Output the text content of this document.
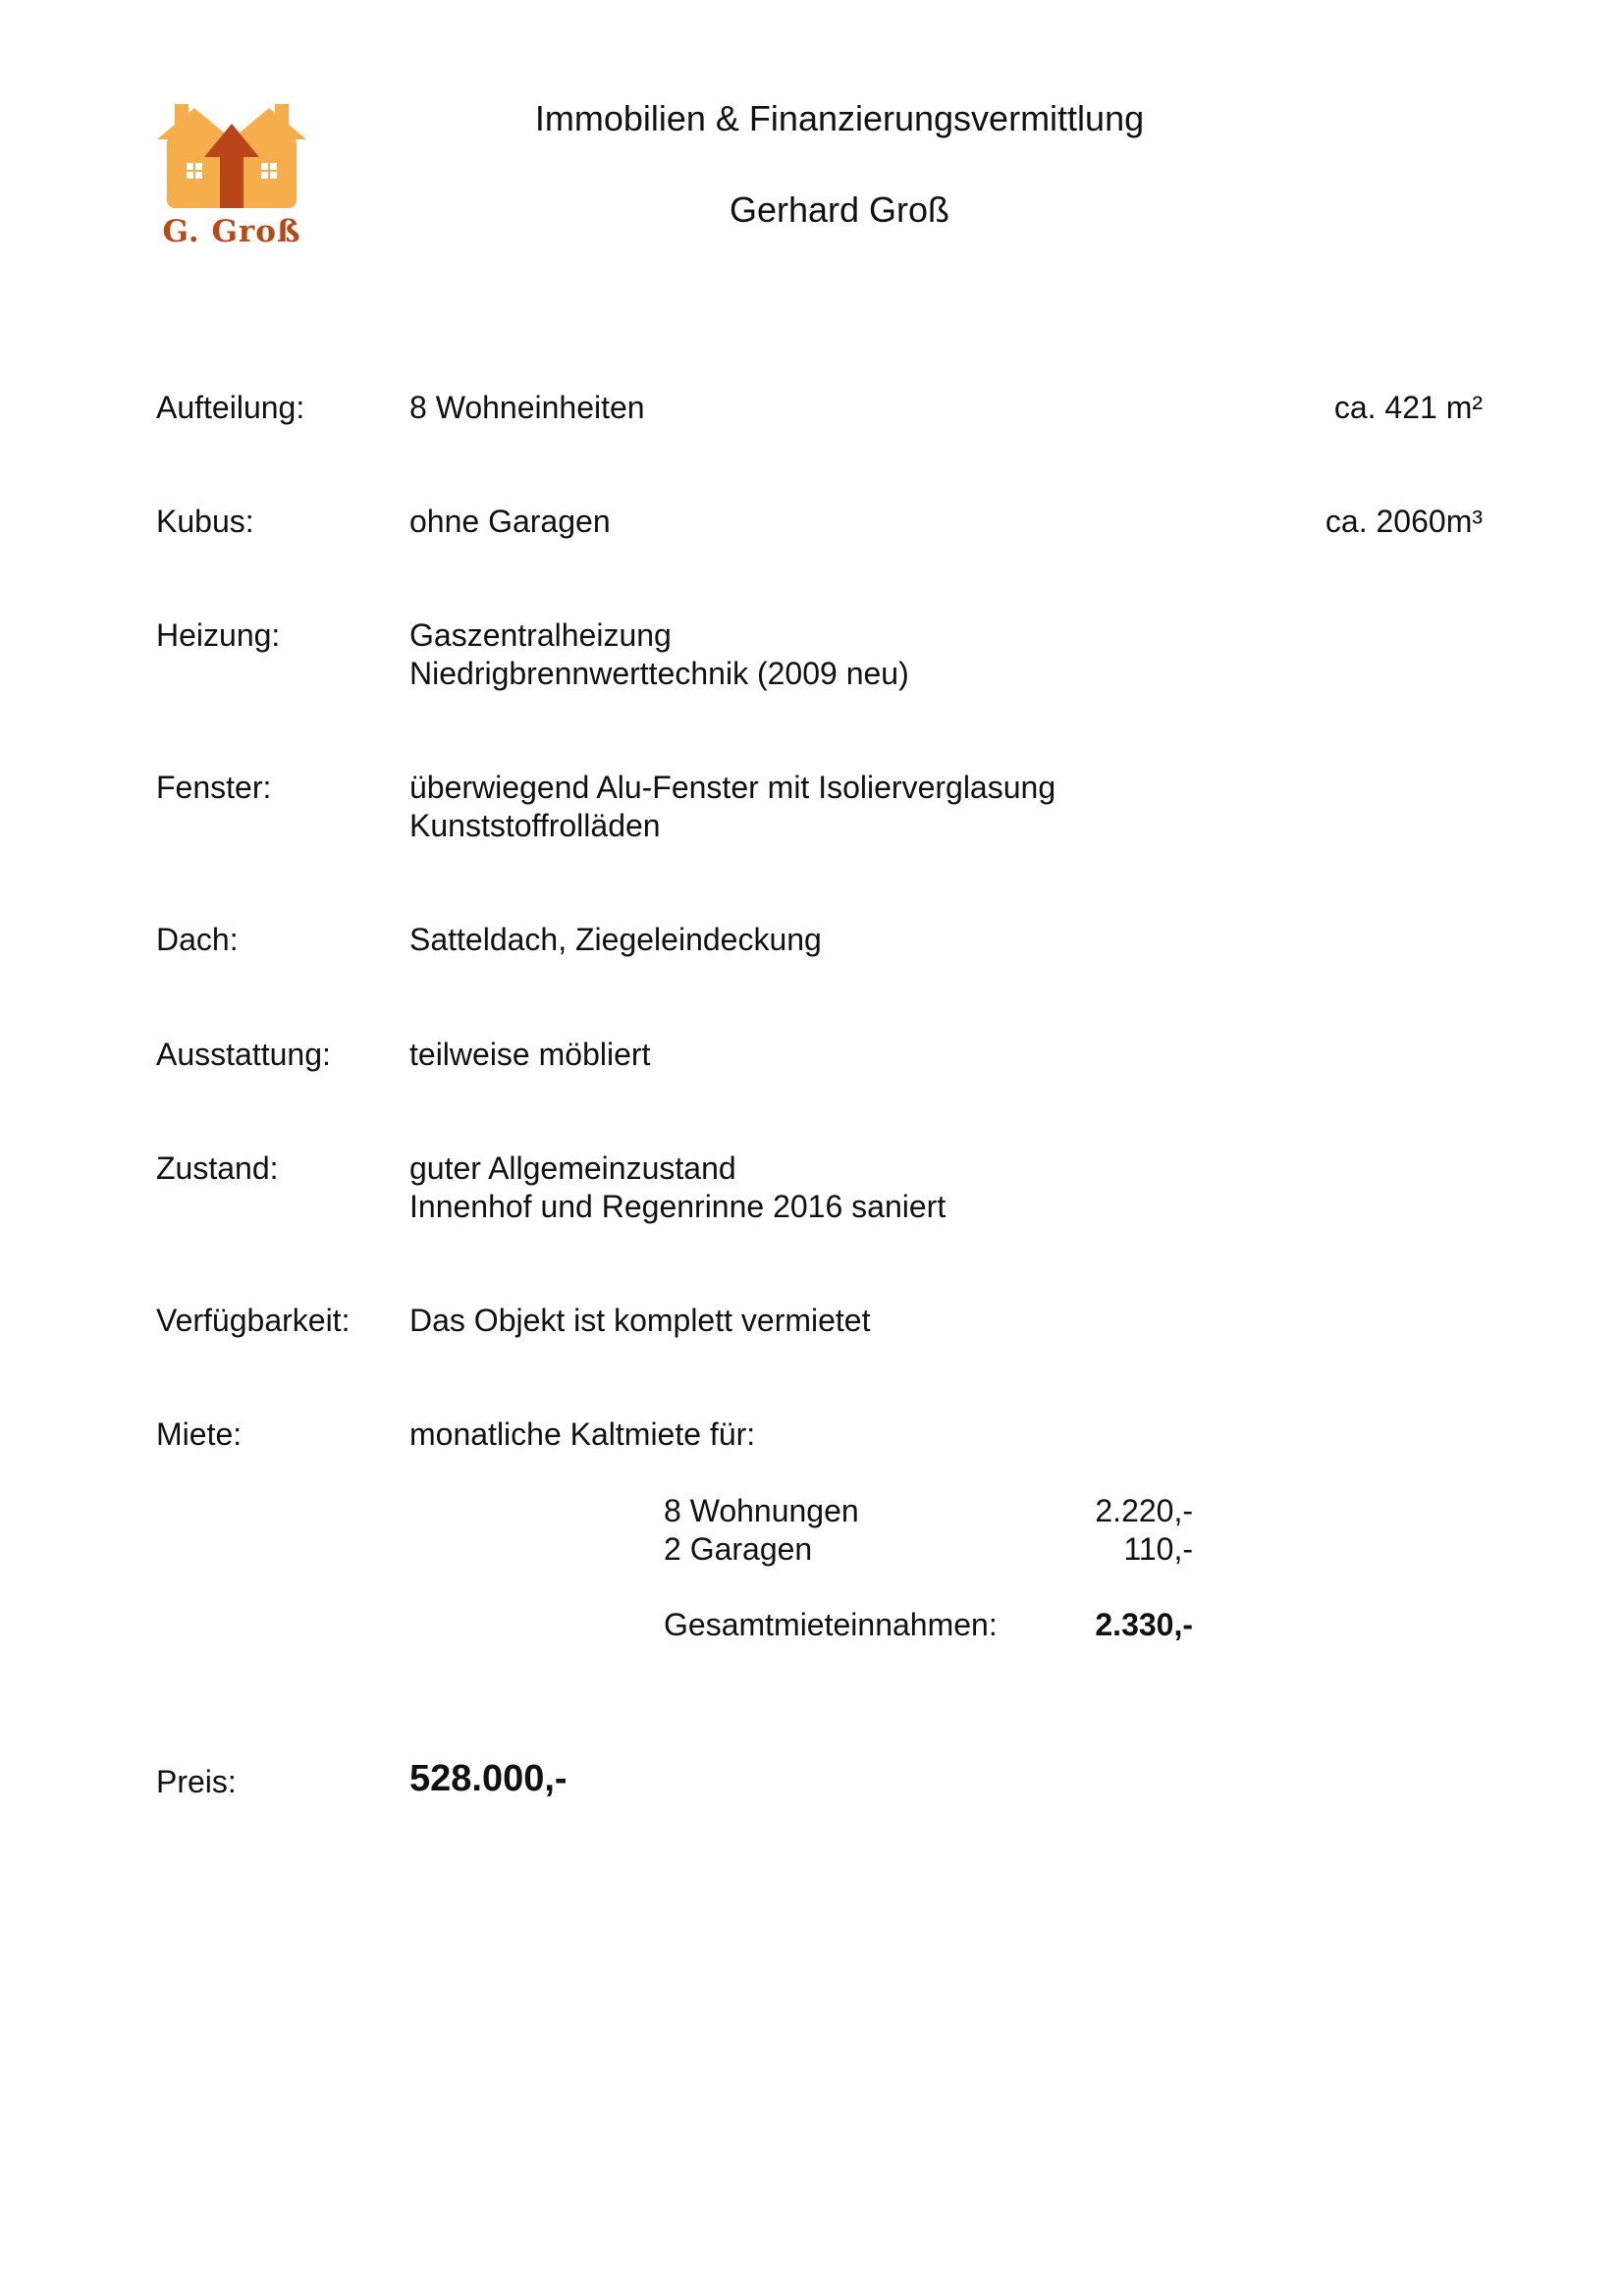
G. Groß
Immobilien & Finanzierungsvermittlung
Gerhard Groß
Aufteilung:	8 Wohneinheiten	ca. 421 m²
Kubus:	ohne Garagen	ca. 2060m³
Heizung:	Gaszentralheizung
Niedrigbrennwerttechnik (2009 neu)
Fenster:	überwiegend Alu-Fenster mit Isolierverglasung
Kunststoffrolläden
Dach:	Satteldach, Ziegeleindeckung
Ausstattung:	teilweise möbliert
Zustand:	guter Allgemeinzustand
Innenhof und Regenrinne 2016 saniert
Verfügbarkeit: Das Objekt ist komplett vermietet
Miete:	monatliche Kaltmiete für:
8 Wohnungen	2.220,-
2 Garagen	110,-
Gesamtmieteinnahmen:	2.330,-
Preis:	528.000,-
